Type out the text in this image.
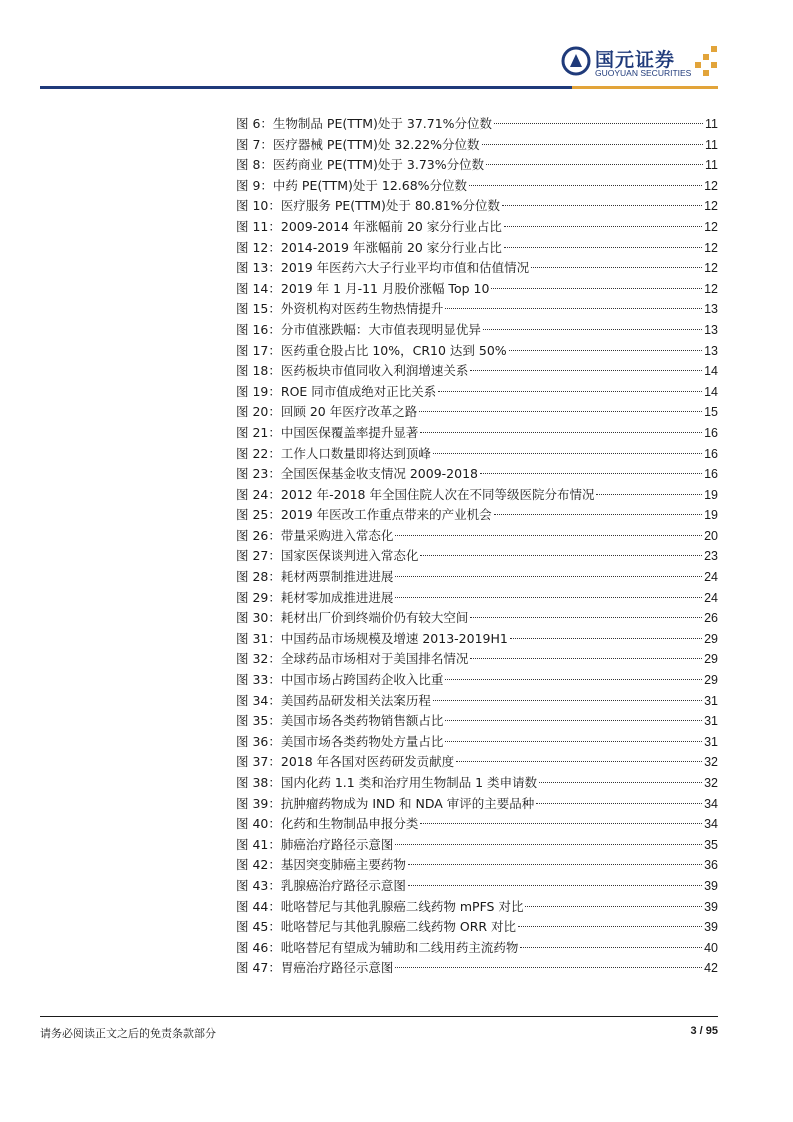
国元证券
GUOYUAN SECURITIES
图 6：生物制品 PE(TTM)处于 37.71%分位数	11
图 7：医疗器械 PE(TTM)处 32.22%分位数	11
图 8：医药商业 PE(TTM)处于 3.73%分位数	11
图 9：中药 PE(TTM)处于 12.68%分位数	12
图 10：医疗服务 PE(TTM)处于 80.81%分位数	12
图 11：2009-2014 年涨幅前 20 家分行业占比	12
图 12：2014-2019 年涨幅前 20 家分行业占比	12
图 13：2019 年医药六大子行业平均市值和估值情况	12
图 14：2019 年 1 月-11 月股价涨幅 Top 10	12
图 15：外资机构对医药生物热情提升	13
图 16：分市值涨跌幅：大市值表现明显优异	13
图 17：医药重仓股占比 10%，CR10 达到 50%	13
图 18：医药板块市值同收入利润增速关系	14
图 19：ROE 同市值成绝对正比关系	14
图 20：回顾 20 年医疗改革之路	15
图 21：中国医保覆盖率提升显著	16
图 22：工作人口数量即将达到顶峰	16
图 23：全国医保基金收支情况 2009-2018	16
图 24：2012 年-2018 年全国住院人次在不同等级医院分布情况	19
图 25：2019 年医改工作重点带来的产业机会	19
图 26：带量采购进入常态化	20
图 27：国家医保谈判进入常态化	23
图 28：耗材两票制推进进展	24
图 29：耗材零加成推进进展	24
图 30：耗材出厂价到终端价仍有较大空间	26
图 31：中国药品市场规模及增速 2013-2019H1	29
图 32：全球药品市场相对于美国排名情况	29
图 33：中国市场占跨国药企收入比重	29
图 34：美国药品研发相关法案历程	31
图 35：美国市场各类药物销售额占比	31
图 36：美国市场各类药物处方量占比	31
图 37：2018 年各国对医药研发贡献度	32
图 38：国内化药 1.1 类和治疗用生物制品 1 类申请数	32
图 39：抗肿瘤药物成为 IND 和 NDA 审评的主要品种	34
图 40：化药和生物制品申报分类	34
图 41：肺癌治疗路径示意图	35
图 42：基因突变肺癌主要药物	36
图 43：乳腺癌治疗路径示意图	39
图 44：吡咯替尼与其他乳腺癌二线药物 mPFS 对比	39
图 45：吡咯替尼与其他乳腺癌二线药物 ORR 对比	39
图 46：吡咯替尼有望成为辅助和二线用药主流药物	40
图 47：胃癌治疗路径示意图	42
请务必阅读正文之后的免责条款部分	3 / 95
